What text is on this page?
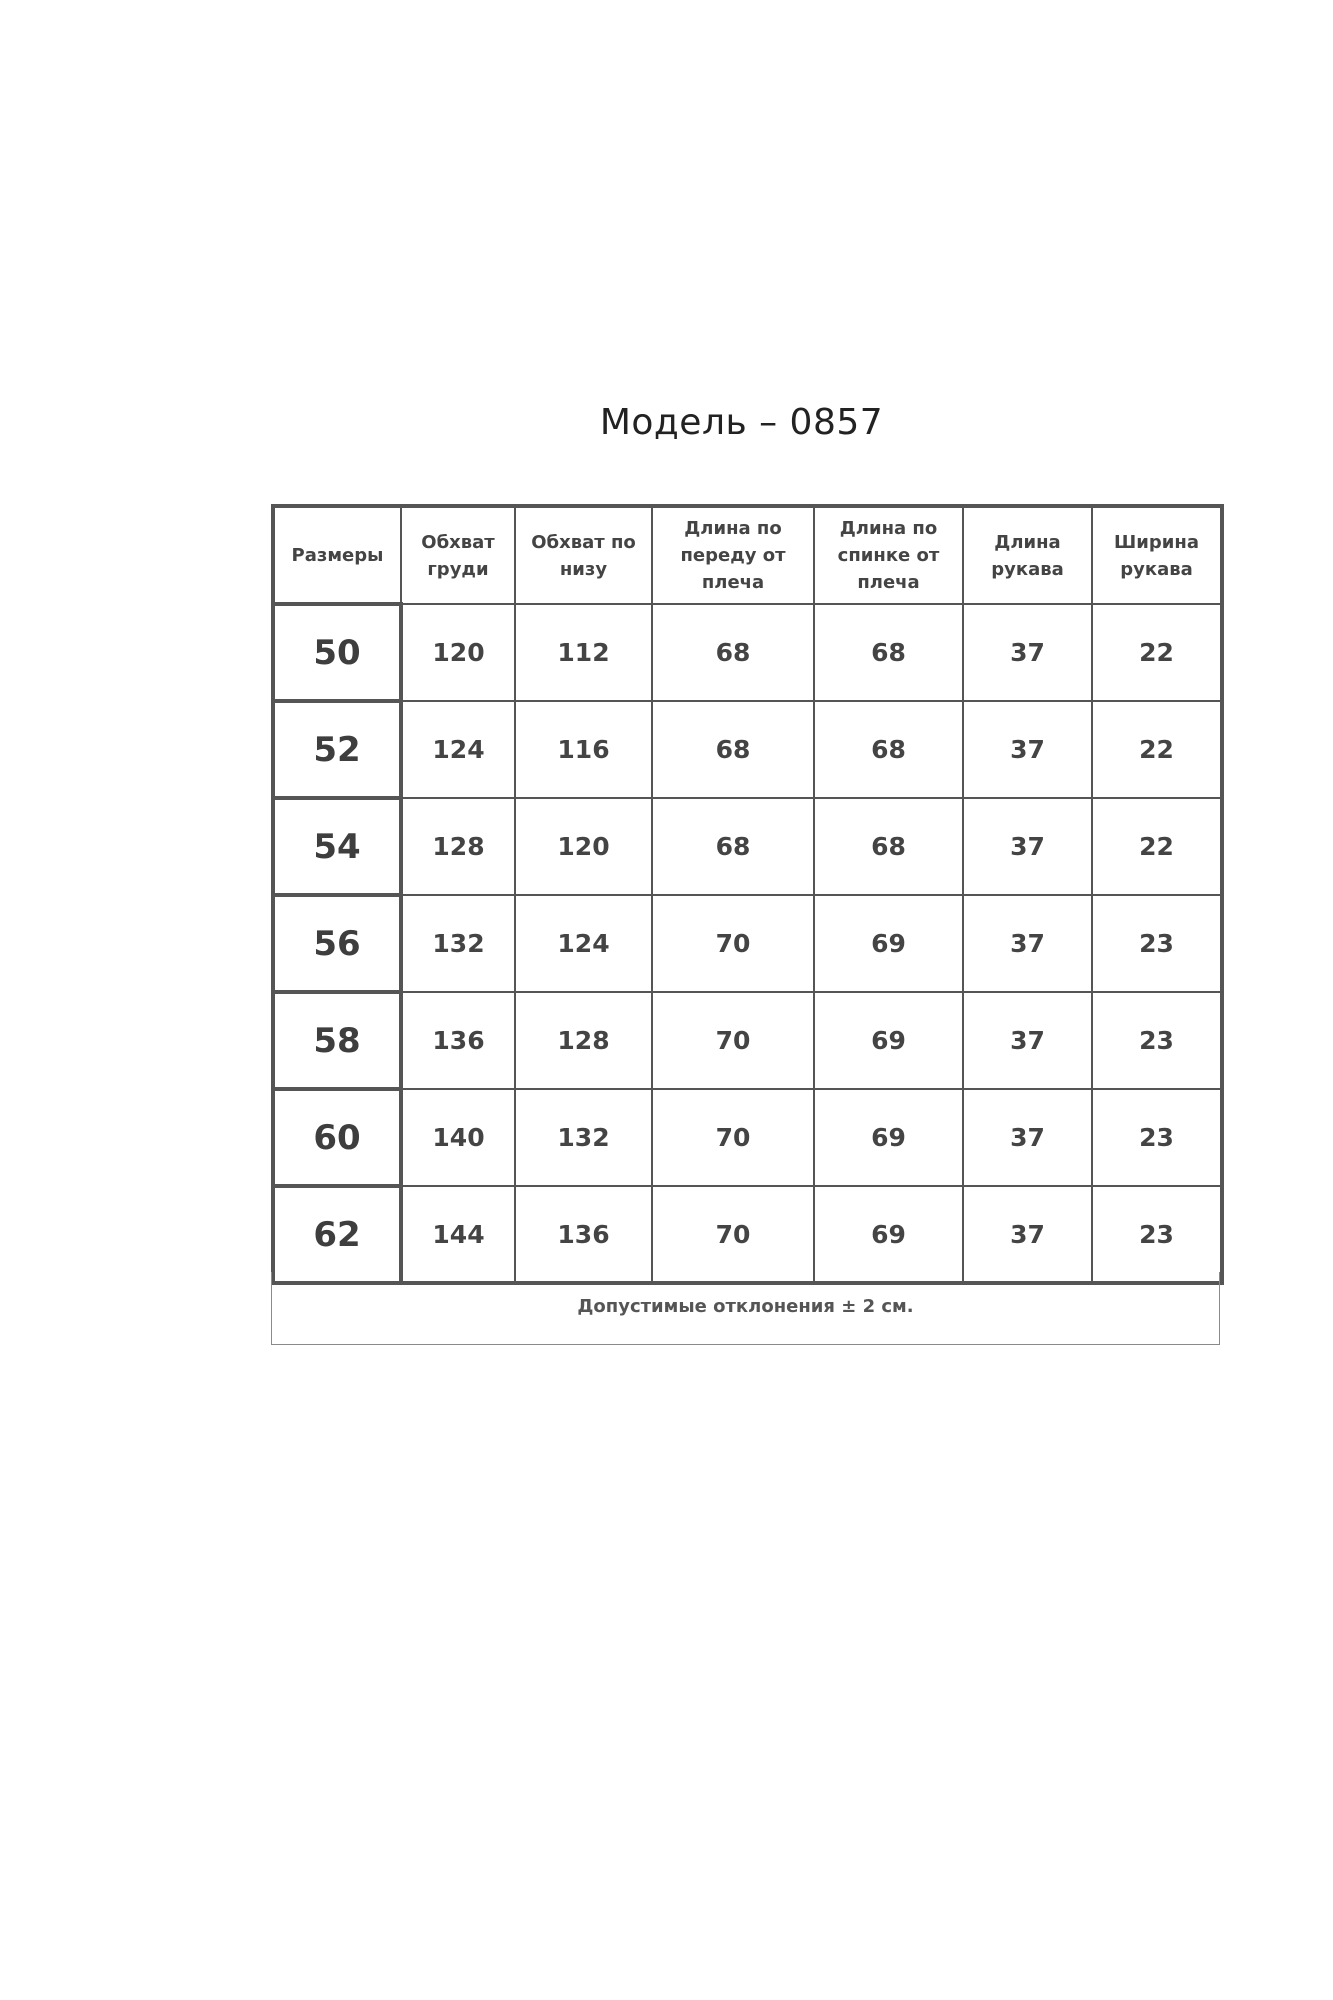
Модель – 0857
Размеры	Обхват груди	Обхват по низу	Длина по переду от плеча	Длина по спинке от плеча	Длина рукава	Ширина рукава
50	120	112	68	68	37	22
52	124	116	68	68	37	22
54	128	120	68	68	37	22
56	132	124	70	69	37	23
58	136	128	70	69	37	23
60	140	132	70	69	37	23
62	144	136	70	69	37	23
Допустимые отклонения ± 2 см.
